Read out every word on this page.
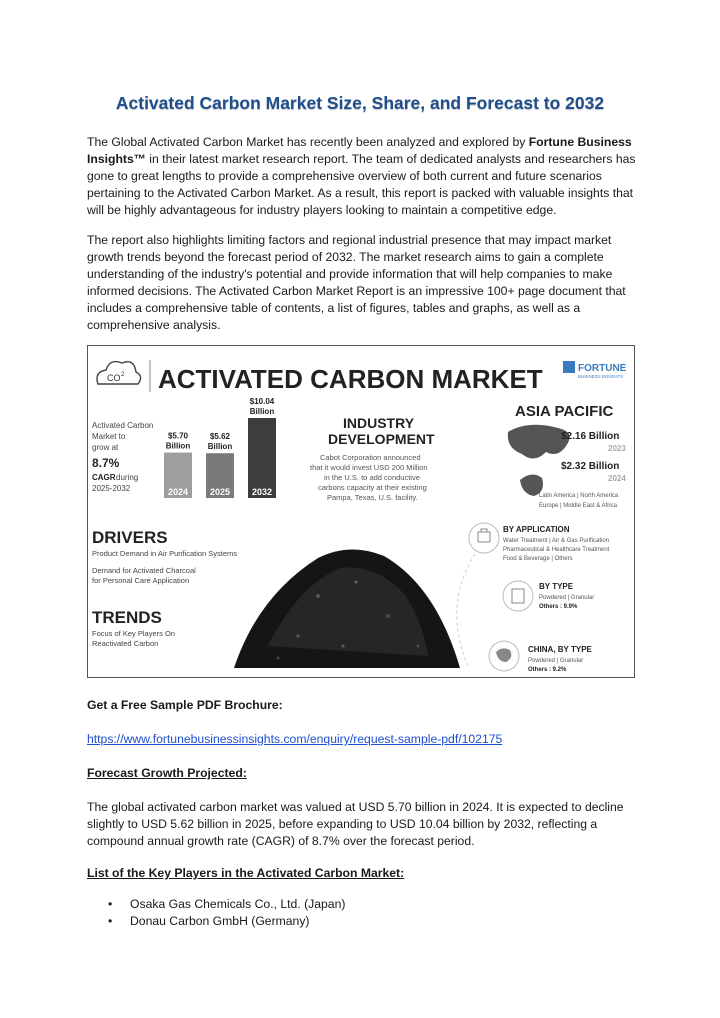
Activated Carbon Market Size, Share, and Forecast to 2032

The Global Activated Carbon Market has recently been analyzed and explored by Fortune Business Insights™ in their latest market research report. The team of dedicated analysts and researchers has gone to great lengths to provide a comprehensive overview of both current and future scenarios pertaining to the Activated Carbon Market. As a result, this report is packed with valuable insights that will be highly advantageous for industry players looking to maintain a competitive edge.

The report also highlights limiting factors and regional industrial presence that may impact market growth trends beyond the forecast period of 2032. The market research aims to gain a complete understanding of the industry's potential and provide information that will help companies to make informed decisions. The Activated Carbon Market Report is an impressive 100+ page document that includes a comprehensive table of contents, a list of figures, tables and graphs, as well as a comprehensive analysis.

CO 2 ACTIVATED CARBON MARKET	FORTUNE
BUSINESS INSIGHTS
Activated Carbon
Market to
grow at
8.7%
CAGR during
2025-2032
$5.70
Billion
2024
$5.62
Billion
2025
$10.04
Billion
2032
INDUSTRY
DEVELOPMENT
Cabot Corporation announced
that it would invest USD 200 Million
in the U.S. to add conductive
carbons capacity at their existing
Pampa, Texas, U.S. facility.
ASIA PACIFIC
$2.16 Billion
2023
$2.32 Billion
2024
Latin America | North America
Europe | Middle East & Africa
DRIVERS
Product Demand in Air Purification Systems
Demand for Activated Charcoal
for Personal Care Application
TRENDS
Focus of Key Players On
Reactivated Carbon
BY APPLICATION
Water Treatment | Air & Gas Purification
Pharmaceutical & Healthcare Treatment
Food & Beverage | Others
BY TYPE
Powdered | Granular
Others : 9.9%
CHINA, BY TYPE
Powdered | Granular
Others : 9.2%

Get a Free Sample PDF Brochure:

https://www.fortunebusinessinsights.com/enquiry/request-sample-pdf/102175

Forecast Growth Projected:

The global activated carbon market was valued at USD 5.70 billion in 2024. It is expected to decline slightly to USD 5.62 billion in 2025, before expanding to USD 10.04 billion by 2032, reflecting a compound annual growth rate (CAGR) of 8.7% over the forecast period.

List of the Key Players in the Activated Carbon Market:

• Osaka Gas Chemicals Co., Ltd. (Japan)
• Donau Carbon GmbH (Germany)
